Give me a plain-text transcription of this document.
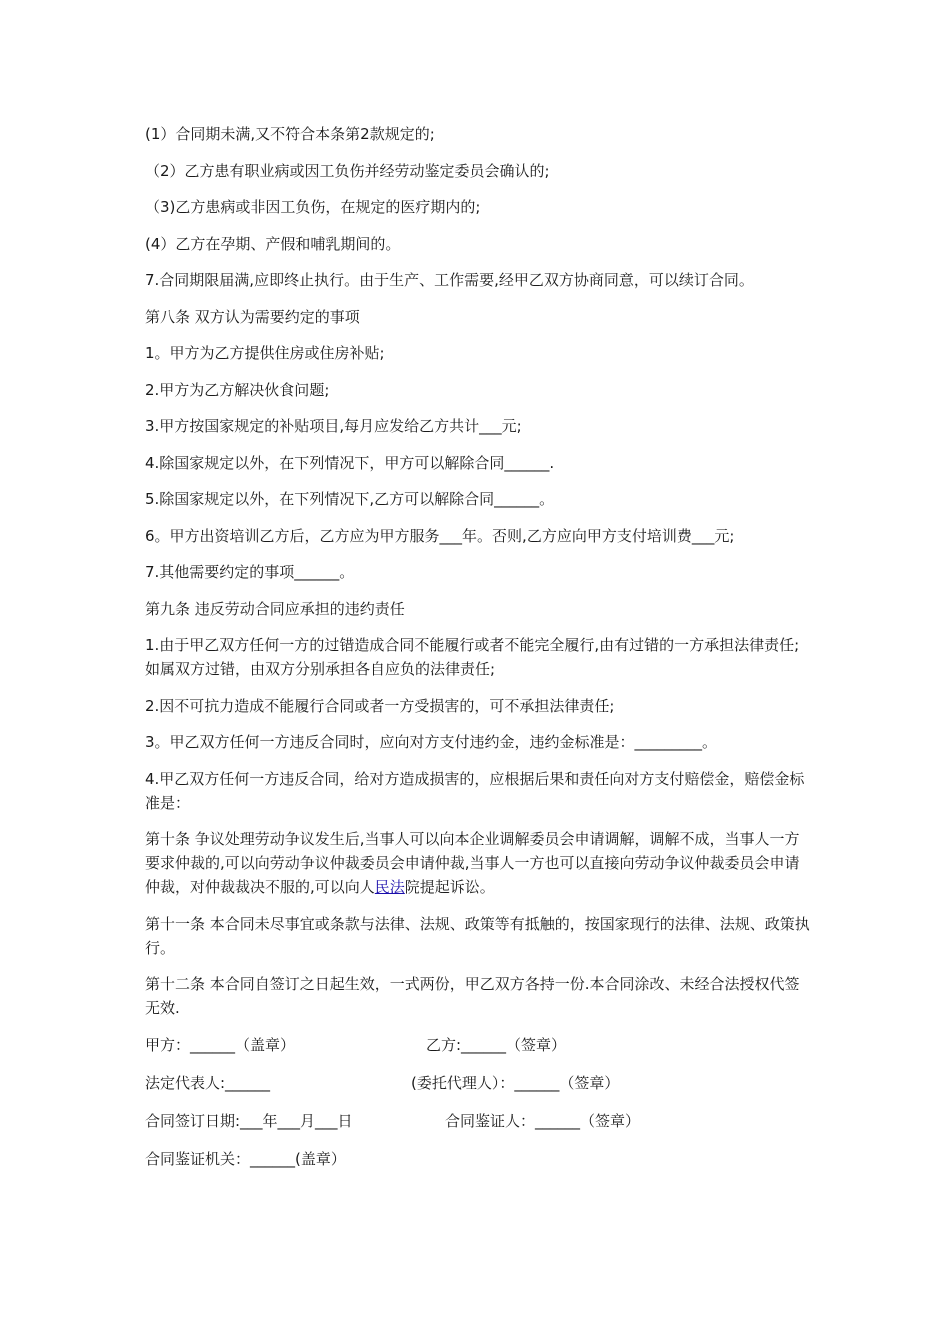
(1）合同期未满,又不符合本条第2款规定的;

（2）乙方患有职业病或因工负伤并经劳动鉴定委员会确认的;

（3)乙方患病或非因工负伤，在规定的医疗期内的;

(4）乙方在孕期、产假和哺乳期间的。

7.合同期限届满,应即终止执行。由于生产、工作需要,经甲乙双方协商同意，可以续订合同。

第八条 双方认为需要约定的事项

1。甲方为乙方提供住房或住房补贴;

2.甲方为乙方解决伙食问题;

3.甲方按国家规定的补贴项目,每月应发给乙方共计___元;

4.除国家规定以外，在下列情况下，甲方可以解除合同______.

5.除国家规定以外，在下列情况下,乙方可以解除合同______。

6。甲方出资培训乙方后，乙方应为甲方服务___年。否则,乙方应向甲方支付培训费___元;

7.其他需要约定的事项______。

第九条 违反劳动合同应承担的违约责任

1.由于甲乙双方任何一方的过错造成合同不能履行或者不能完全履行,由有过错的一方承担法律责任;如属双方过错，由双方分别承担各自应负的法律责任;

2.因不可抗力造成不能履行合同或者一方受损害的，可不承担法律责任;

3。甲乙双方任何一方违反合同时，应向对方支付违约金，违约金标准是：_________。

4.甲乙双方任何一方违反合同，给对方造成损害的，应根据后果和责任向对方支付赔偿金，赔偿金标准是：

第十条 争议处理劳动争议发生后,当事人可以向本企业调解委员会申请调解，调解不成，当事人一方要求仲裁的,可以向劳动争议仲裁委员会申请仲裁,当事人一方也可以直接向劳动争议仲裁委员会申请仲裁，对仲裁裁决不服的,可以向人民法院提起诉讼。

第十一条 本合同未尽事宜或条款与法律、法规、政策等有抵触的，按国家现行的法律、法规、政策执行。

第十二条 本合同自签订之日起生效，一式两份，甲乙双方各持一份.本合同涂改、未经合法授权代签无效.

甲方：______（盖章）	乙方:______（签章）
法定代表人:______	(委托代理人）：______（签章）
合同签订日期:___年___月___日	合同鉴证人：______（签章）
合同鉴证机关：______(盖章）
